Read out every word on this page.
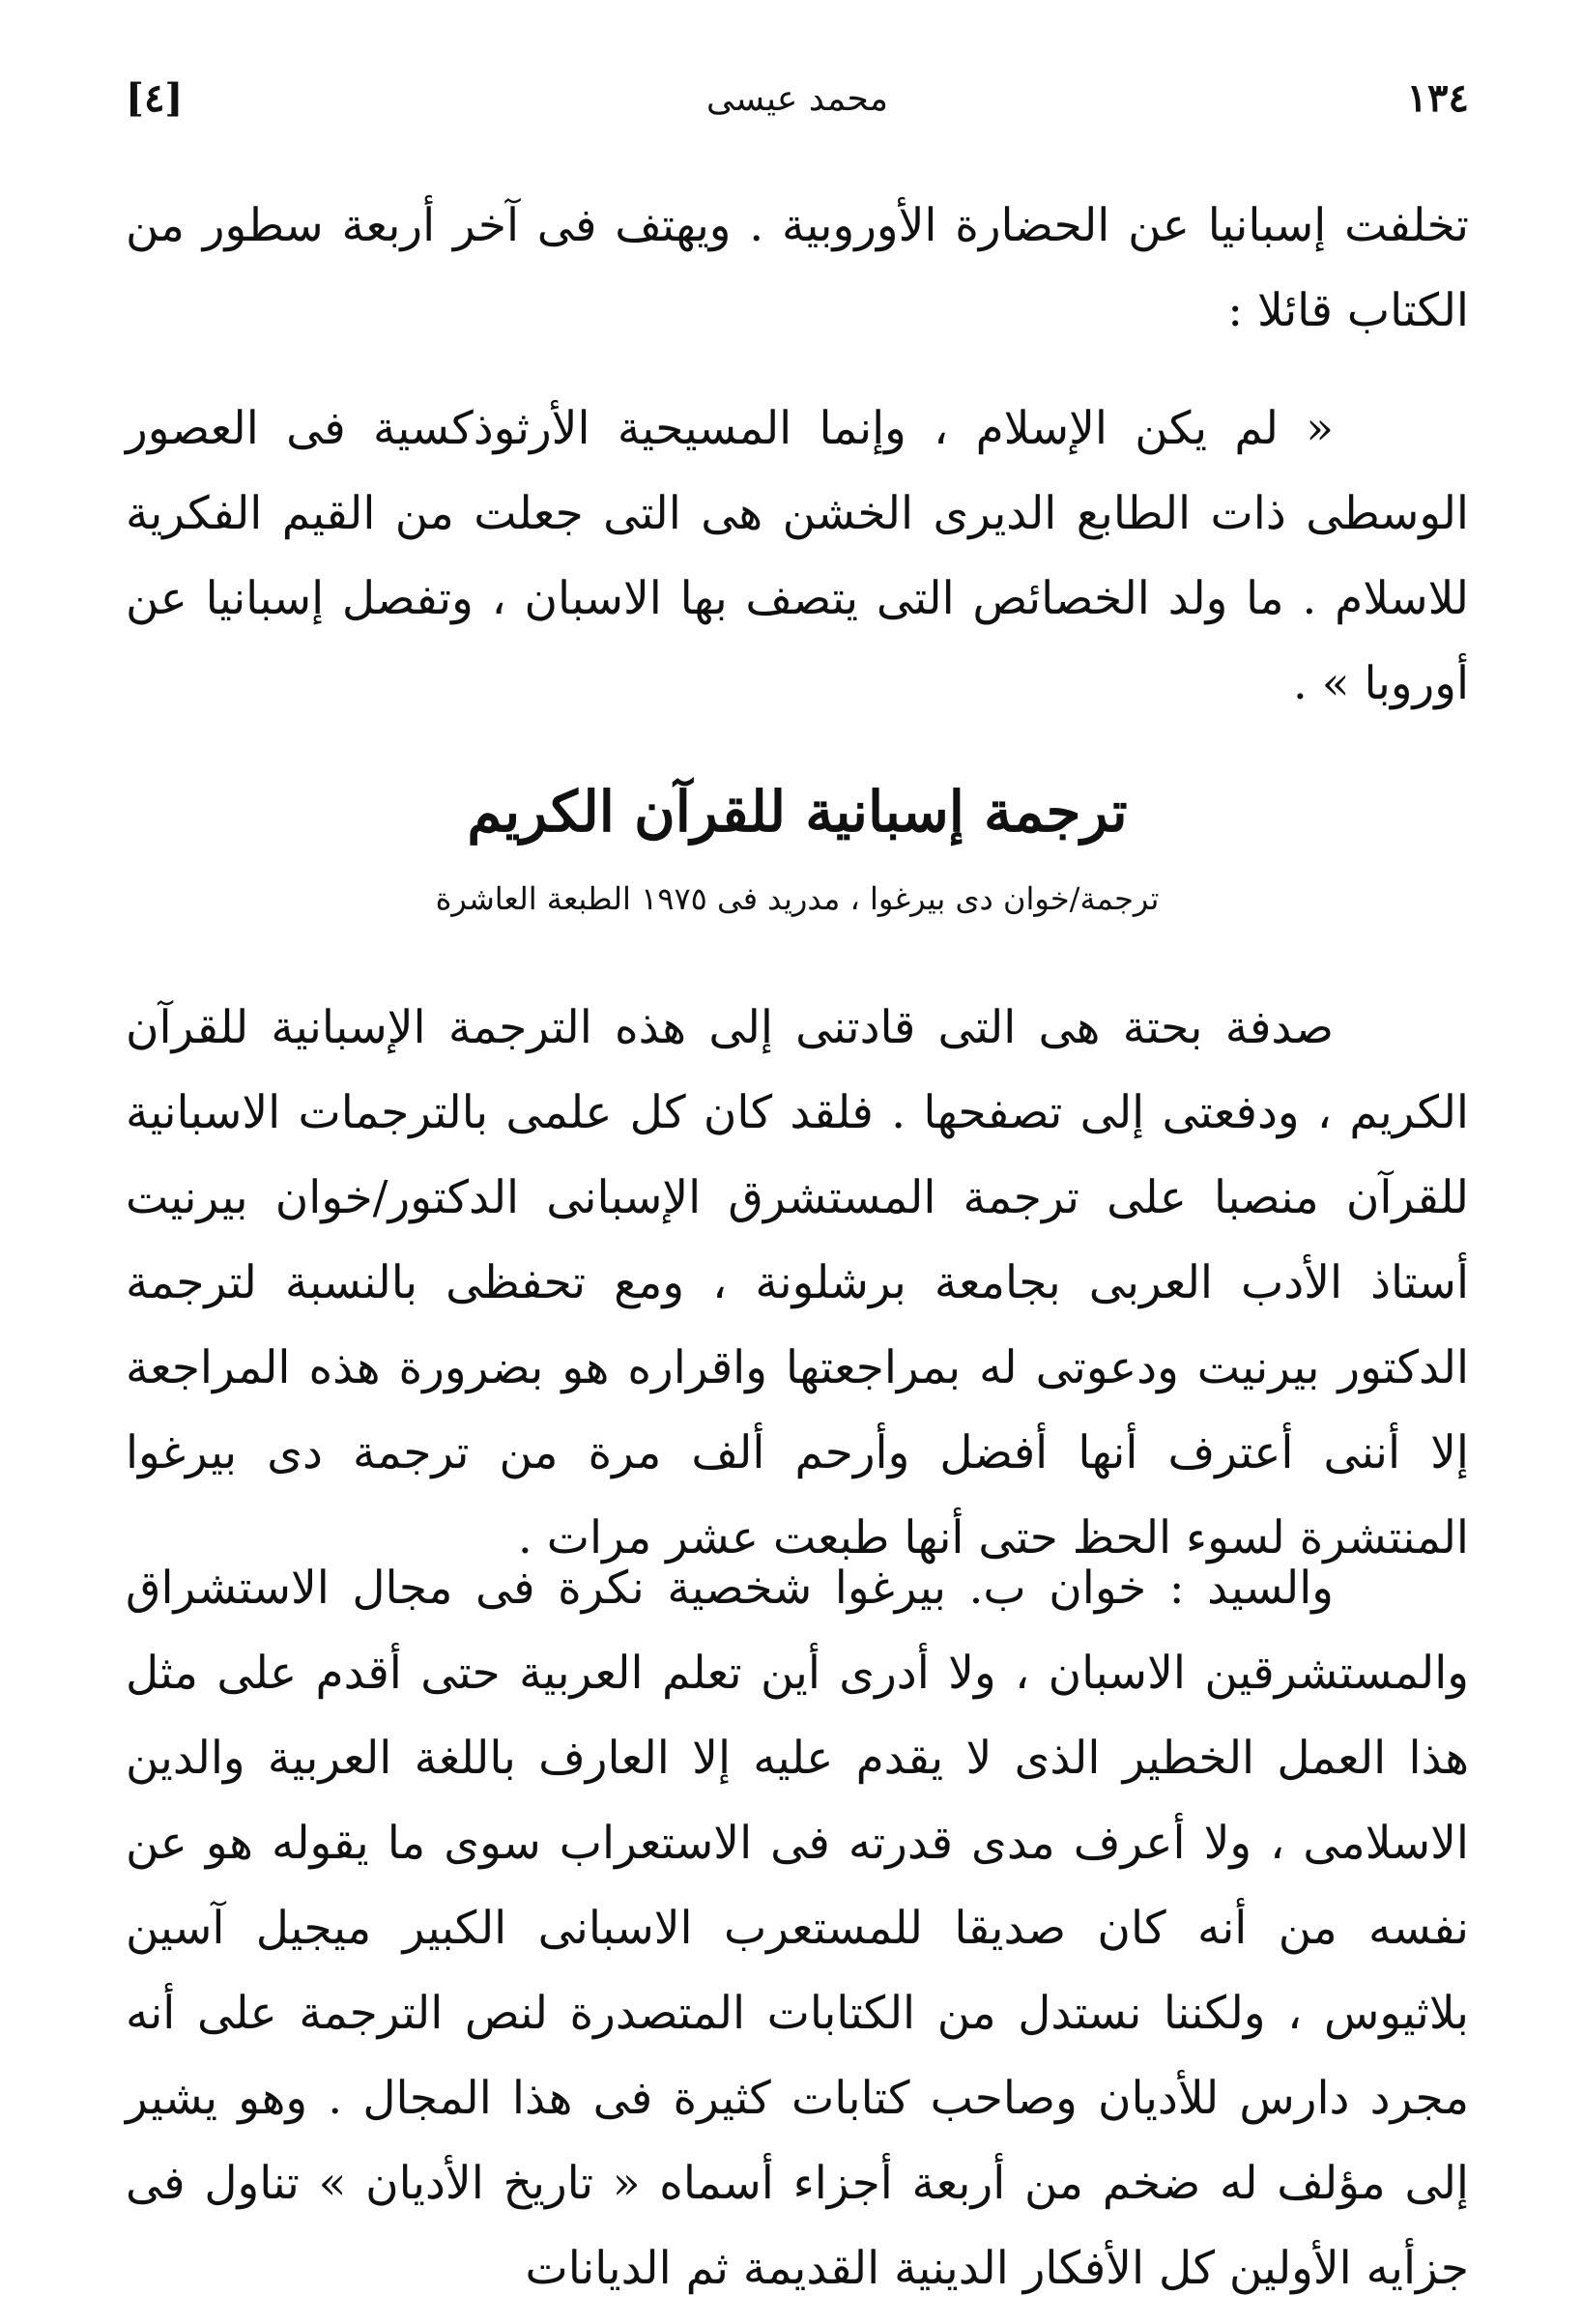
[٤]	محمد عيسى	١٣٤

تخلفت إسبانيا عن الحضارة الأوروبية . ويهتف فى آخر أربعة سطور من الكتاب قائلا :

« لم يكن الإسلام ، وإنما المسيحية الأرثوذكسية فى العصور الوسطى ذات الطابع الديرى الخشن هى التى جعلت من القيم الفكرية للاسلام . ما ولد الخصائص التى يتصف بها الاسبان ، وتفصل إسبانيا عن أوروبا » .

ترجمة إسبانية للقرآن الكريم

ترجمة/خوان دى بيرغوا ، مدريد فى ١٩٧٥ الطبعة العاشرة

صدفة بحتة هى التى قادتنى إلى هذه الترجمة الإسبانية للقرآن الكريم ، ودفعتى إلى تصفحها . فلقد كان كل علمى بالترجمات الاسبانية للقرآن منصبا على ترجمة المستشرق الإسبانى الدكتور/خوان بيرنيت أستاذ الأدب العربى بجامعة برشلونة ، ومع تحفظى بالنسبة لترجمة الدكتور بيرنيت ودعوتى له بمراجعتها واقراره هو بضرورة هذه المراجعة إلا أننى أعترف أنها أفضل وأرحم ألف مرة من ترجمة دى بيرغوا المنتشرة لسوء الحظ حتى أنها طبعت عشر مرات .

والسيد : خوان ب. بيرغوا شخصية نكرة فى مجال الاستشراق والمستشرقين الاسبان ، ولا أدرى أين تعلم العربية حتى أقدم على مثل هذا العمل الخطير الذى لا يقدم عليه إلا العارف باللغة العربية والدين الاسلامى ، ولا أعرف مدى قدرته فى الاستعراب سوى ما يقوله هو عن نفسه من أنه كان صديقا للمستعرب الاسبانى الكبير ميجيل آسين بلاثيوس ، ولكننا نستدل من الكتابات المتصدرة لنص الترجمة على أنه مجرد دارس للأديان وصاحب كتابات كثيرة فى هذا المجال . وهو يشير إلى مؤلف له ضخم من أربعة أجزاء أسماه « تاريخ الأديان » تناول فى جزأيه الأولين كل الأفكار الدينية القديمة ثم الديانات
